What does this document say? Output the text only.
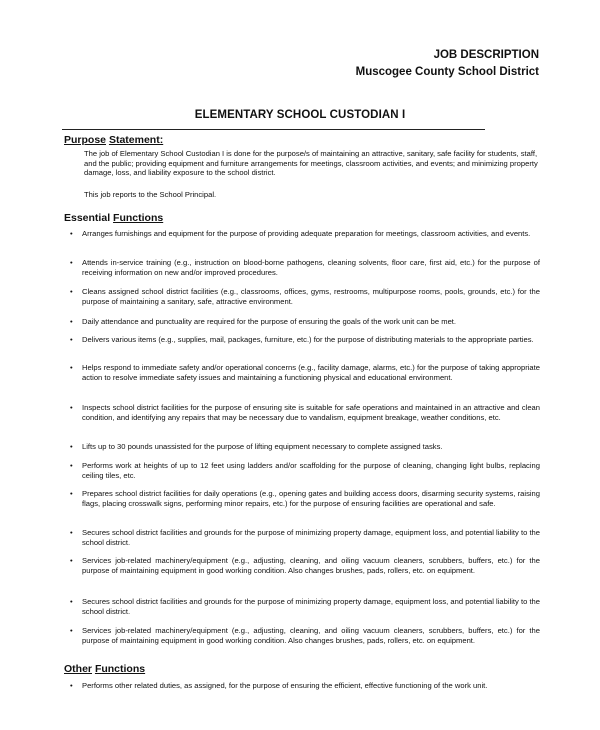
JOB DESCRIPTION
Muscogee County School District
ELEMENTARY SCHOOL CUSTODIAN I
Purpose Statement:
The job of Elementary School Custodian I is done for the purpose/s of maintaining an attractive, sanitary, safe facility for students, staff, and the public; providing equipment and furniture arrangements for meetings, classroom activities, and events; and minimizing property damage, loss, and liability exposure to the school district.
This job reports to the School Principal.
Essential Functions
• Arranges furnishings and equipment for the purpose of providing adequate preparation for meetings, classroom activities, and events.
• Attends in-service training (e.g., instruction on blood-borne pathogens, cleaning solvents, floor care, first aid, etc.) for the purpose of receiving information on new and/or improved procedures.
• Cleans assigned school district facilities (e.g., classrooms, offices, gyms, restrooms, multipurpose rooms, pools, grounds, etc.) for the purpose of maintaining a sanitary, safe, attractive environment.
• Daily attendance and punctuality are required for the purpose of ensuring the goals of the work unit can be met.
• Delivers various items (e.g., supplies, mail, packages, furniture, etc.) for the purpose of distributing materials to the appropriate parties.
• Helps respond to immediate safety and/or operational concerns (e.g., facility damage, alarms, etc.) for the purpose of taking appropriate action to resolve immediate safety issues and maintaining a functioning physical and educational environment.
• Inspects school district facilities for the purpose of ensuring site is suitable for safe operations and maintained in an attractive and clean condition, and identifying any repairs that may be necessary due to vandalism, equipment breakage, weather conditions, etc.
• Lifts up to 30 pounds unassisted for the purpose of lifting equipment necessary to complete assigned tasks.
• Performs work at heights of up to 12 feet using ladders and/or scaffolding for the purpose of cleaning, changing light bulbs, replacing ceiling tiles, etc.
• Prepares school district facilities for daily operations (e.g., opening gates and building access doors, disarming security systems, raising flags, placing crosswalk signs, performing minor repairs, etc.) for the purpose of ensuring facilities are operational and safe.
• Secures school district facilities and grounds for the purpose of minimizing property damage, equipment loss, and potential liability to the school district.
• Services job-related machinery/equipment (e.g., adjusting, cleaning, and oiling vacuum cleaners, scrubbers, buffers, etc.) for the purpose of maintaining equipment in good working condition. Also changes brushes, pads, rollers, etc. on equipment.
• Secures school district facilities and grounds for the purpose of minimizing property damage, equipment loss, and potential liability to the school district.
• Services job-related machinery/equipment (e.g., adjusting, cleaning, and oiling vacuum cleaners, scrubbers, buffers, etc.) for the purpose of maintaining equipment in good working condition. Also changes brushes, pads, rollers, etc. on equipment.
Other Functions
• Performs other related duties, as assigned, for the purpose of ensuring the efficient, effective functioning of the work unit.
